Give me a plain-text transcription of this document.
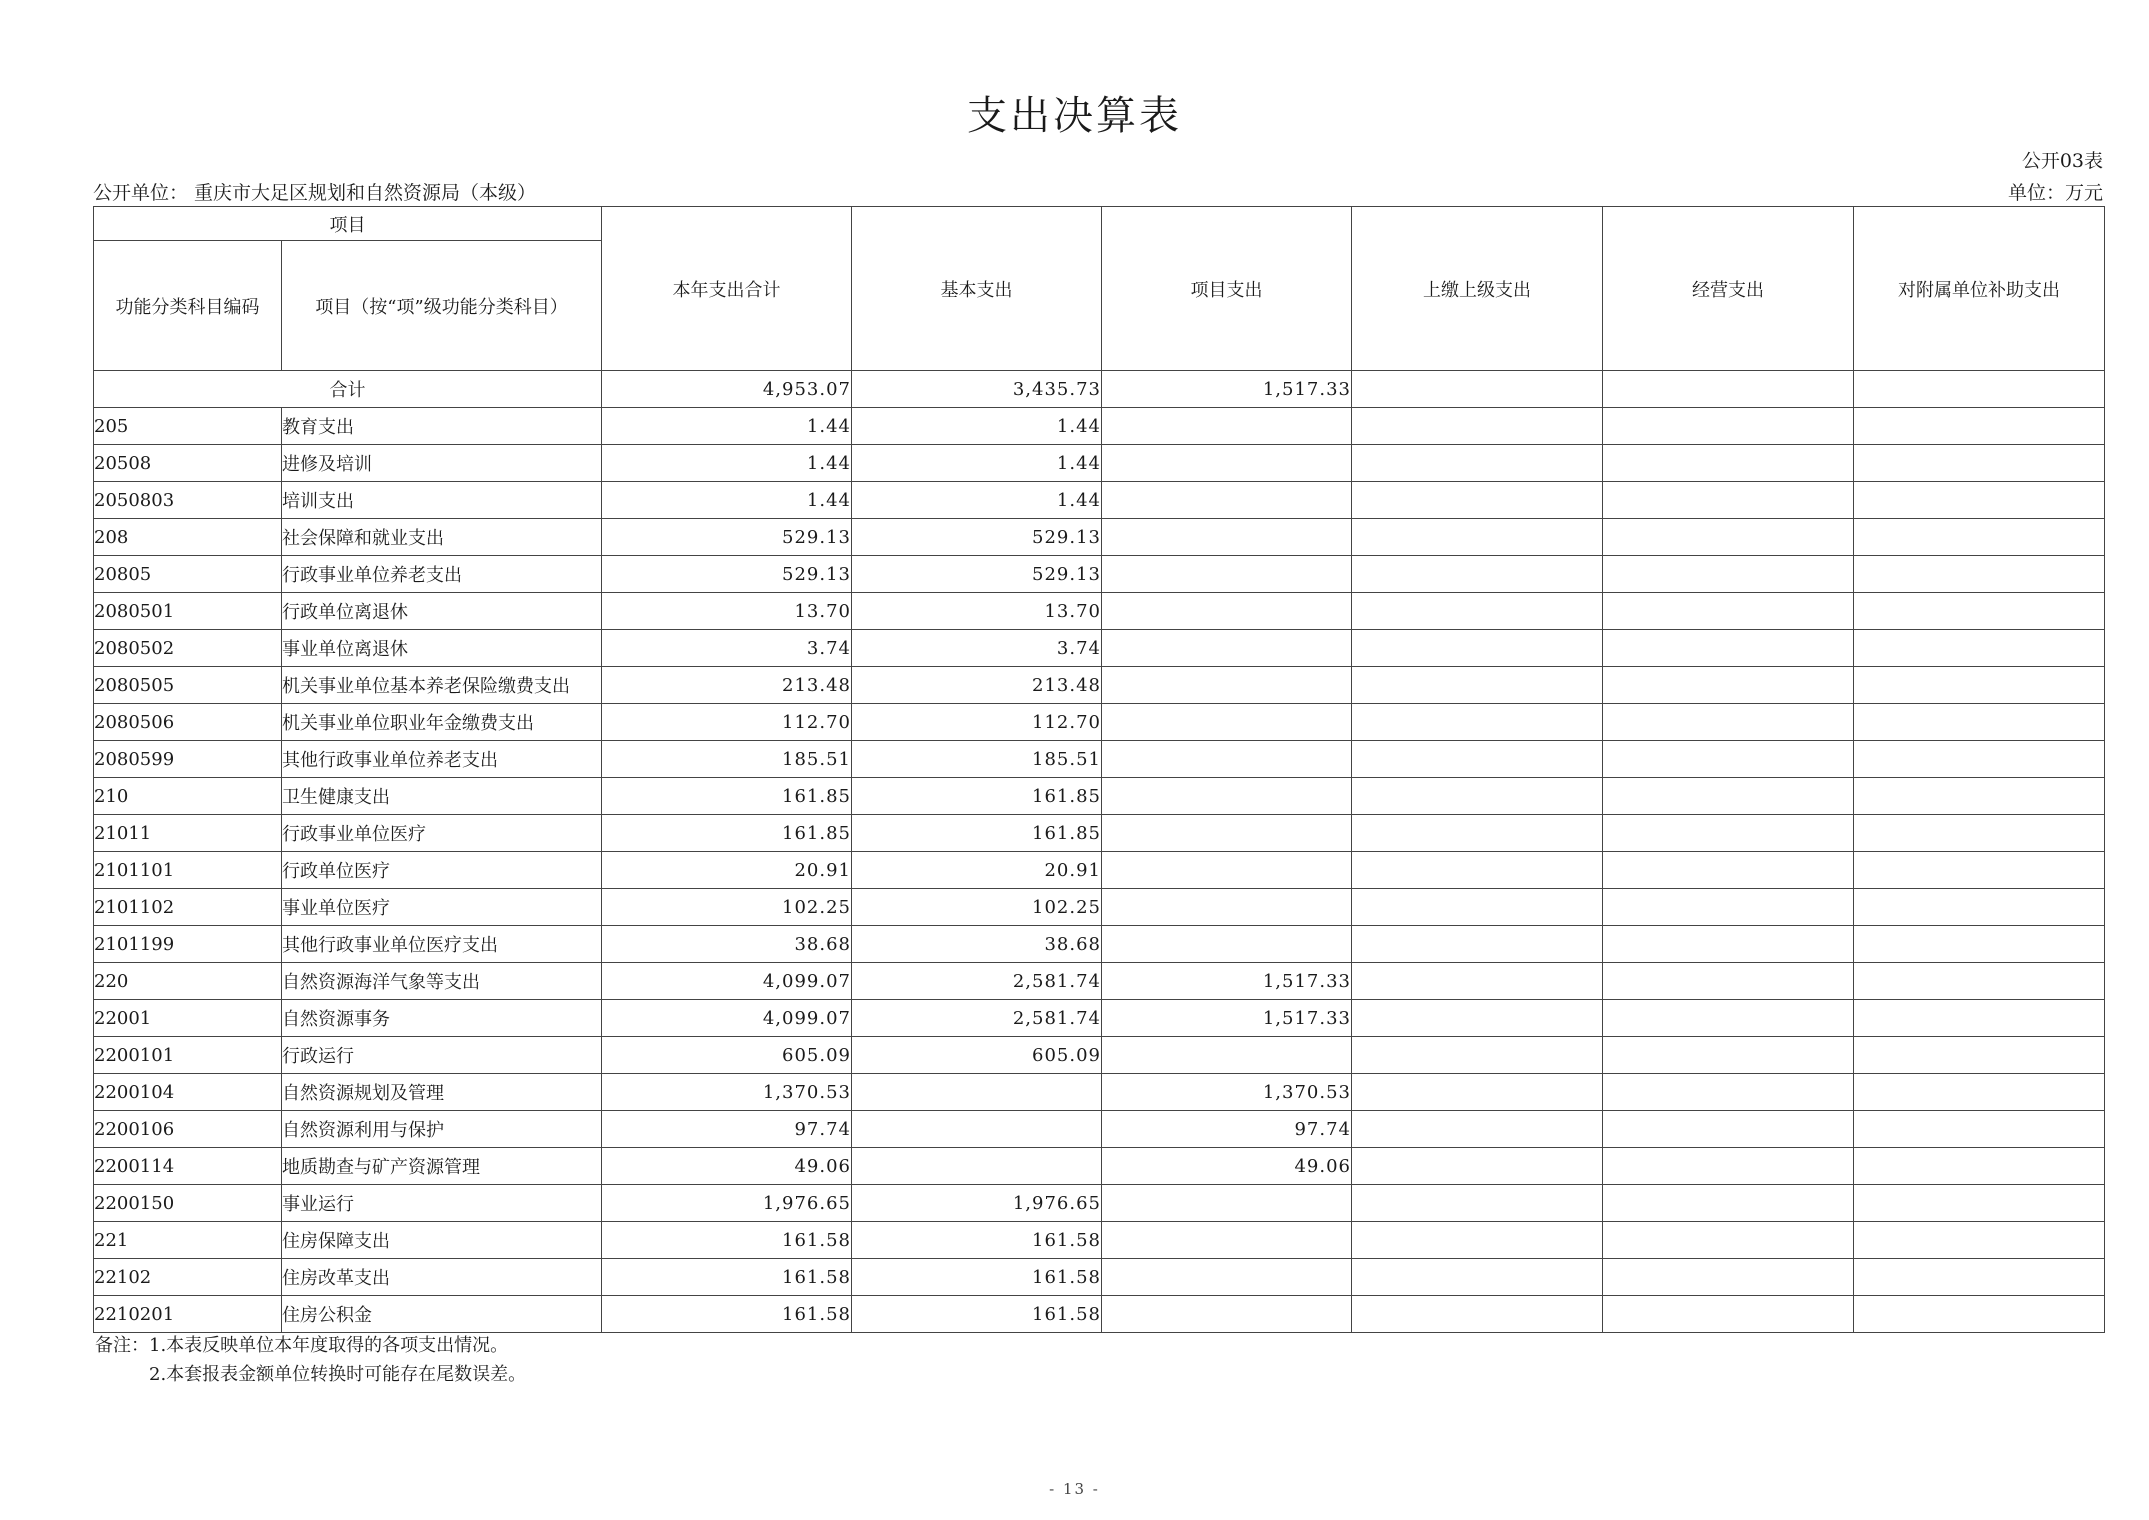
支出决算表
公开03表
公开单位： 重庆市大足区规划和自然资源局（本级）	单位：万元
项目		本年支出合计	基本支出	项目支出	上缴上级支出	经营支出	对附属单位补助支出
功能分类科目编码	项目（按“项”级功能分类科目）						
合计		4,953.07	3,435.73	1,517.33			
205	教育支出	1.44	1.44				
20508	进修及培训	1.44	1.44				
2050803	培训支出	1.44	1.44				
208	社会保障和就业支出	529.13	529.13				
20805	行政事业单位养老支出	529.13	529.13				
2080501	行政单位离退休	13.70	13.70				
2080502	事业单位离退休	3.74	3.74				
2080505	机关事业单位基本养老保险缴费支出	213.48	213.48				
2080506	机关事业单位职业年金缴费支出	112.70	112.70				
2080599	其他行政事业单位养老支出	185.51	185.51				
210	卫生健康支出	161.85	161.85				
21011	行政事业单位医疗	161.85	161.85				
2101101	行政单位医疗	20.91	20.91				
2101102	事业单位医疗	102.25	102.25				
2101199	其他行政事业单位医疗支出	38.68	38.68				
220	自然资源海洋气象等支出	4,099.07	2,581.74	1,517.33			
22001	自然资源事务	4,099.07	2,581.74	1,517.33			
2200101	行政运行	605.09	605.09				
2200104	自然资源规划及管理	1,370.53		1,370.53			
2200106	自然资源利用与保护	97.74		97.74			
2200114	地质勘查与矿产资源管理	49.06		49.06			
2200150	事业运行	1,976.65	1,976.65				
221	住房保障支出	161.58	161.58				
22102	住房改革支出	161.58	161.58				
2210201	住房公积金	161.58	161.58				
备注：1.本表反映单位本年度取得的各项支出情况。
2.本套报表金额单位转换时可能存在尾数误差。
- 13 -
